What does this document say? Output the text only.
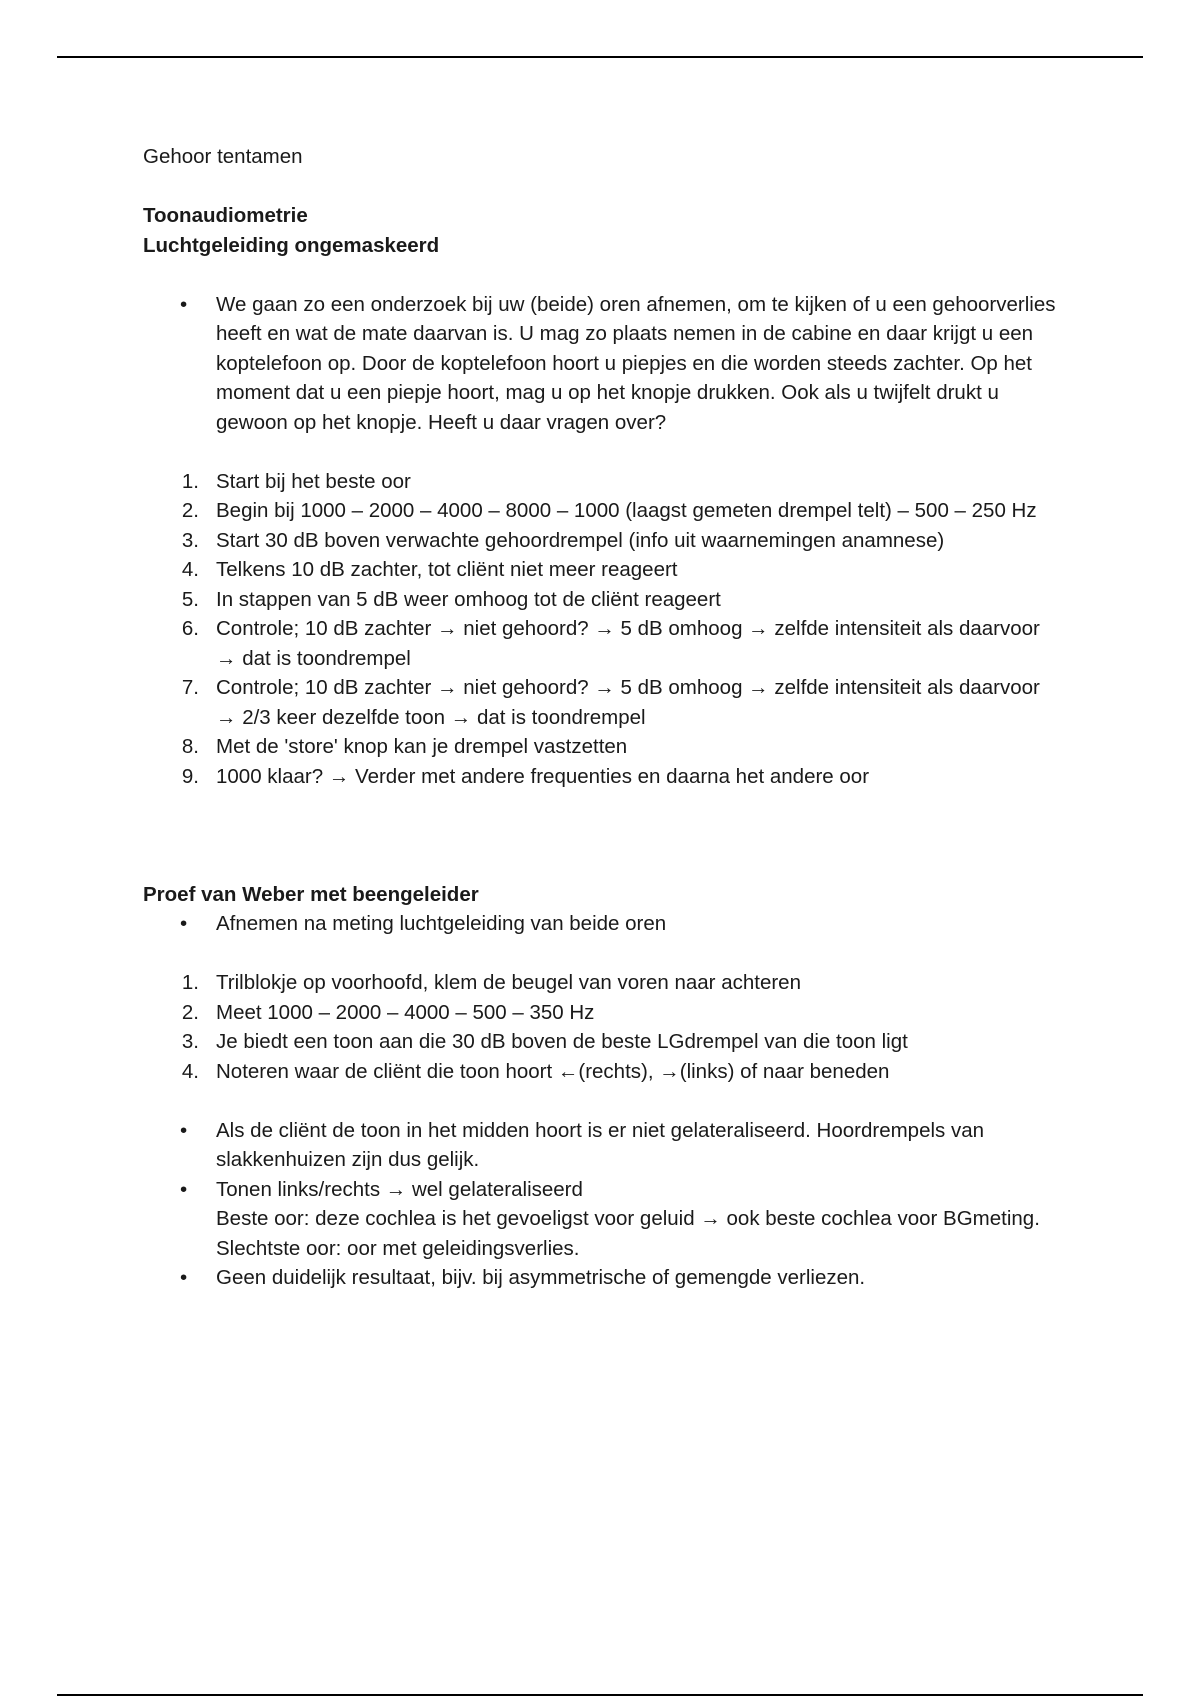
Gehoor tentamen

Toonaudiometrie

Luchtgeleiding ongemaskeerd

• We gaan zo een onderzoek bij uw (beide) oren afnemen, om te kijken of u een gehoorverlies heeft en wat de mate daarvan is. U mag zo plaats nemen in de cabine en daar krijgt u een koptelefoon op. Door de koptelefoon hoort u piepjes en die worden steeds zachter. Op het moment dat u een piepje hoort, mag u op het knopje drukken. Ook als u twijfelt drukt u gewoon op het knopje. Heeft u daar vragen over?
1. Start bij het beste oor
2. Begin bij 1000 – 2000 – 4000 – 8000 – 1000 (laagst gemeten drempel telt) – 500 – 250 Hz
3. Start 30 dB boven verwachte gehoordrempel (info uit waarnemingen anamnese)
4. Telkens 10 dB zachter, tot cliënt niet meer reageert
5. In stappen van 5 dB weer omhoog tot de cliënt reageert
6. Controle; 10 dB zachter → niet gehoord? → 5 dB omhoog → zelfde intensiteit als daarvoor → dat is toondrempel
7. Controle; 10 dB zachter → niet gehoord? → 5 dB omhoog → zelfde intensiteit als daarvoor → 2/3 keer dezelfde toon → dat is toondrempel
8. Met de 'store' knop kan je drempel vastzetten
9. 1000 klaar? → Verder met andere frequenties en daarna het andere oor

Proef van Weber met beengeleider

• Afnemen na meting luchtgeleiding van beide oren
1. Trilblokje op voorhoofd, klem de beugel van voren naar achteren
2. Meet 1000 – 2000 – 4000 – 500 – 350 Hz
3. Je biedt een toon aan die 30 dB boven de beste LGdrempel van die toon ligt
4. Noteren waar de cliënt die toon hoort ←(rechts), →(links) of naar beneden
• Als de cliënt de toon in het midden hoort is er niet gelateraliseerd. Hoordrempels van slakkenhuizen zijn dus gelijk.
• Tonen links/rechts → wel gelateraliseerd
Beste oor: deze cochlea is het gevoeligst voor geluid → ook beste cochlea voor BGmeting.
Slechtste oor: oor met geleidingsverlies.
• Geen duidelijk resultaat, bijv. bij asymmetrische of gemengde verliezen.
